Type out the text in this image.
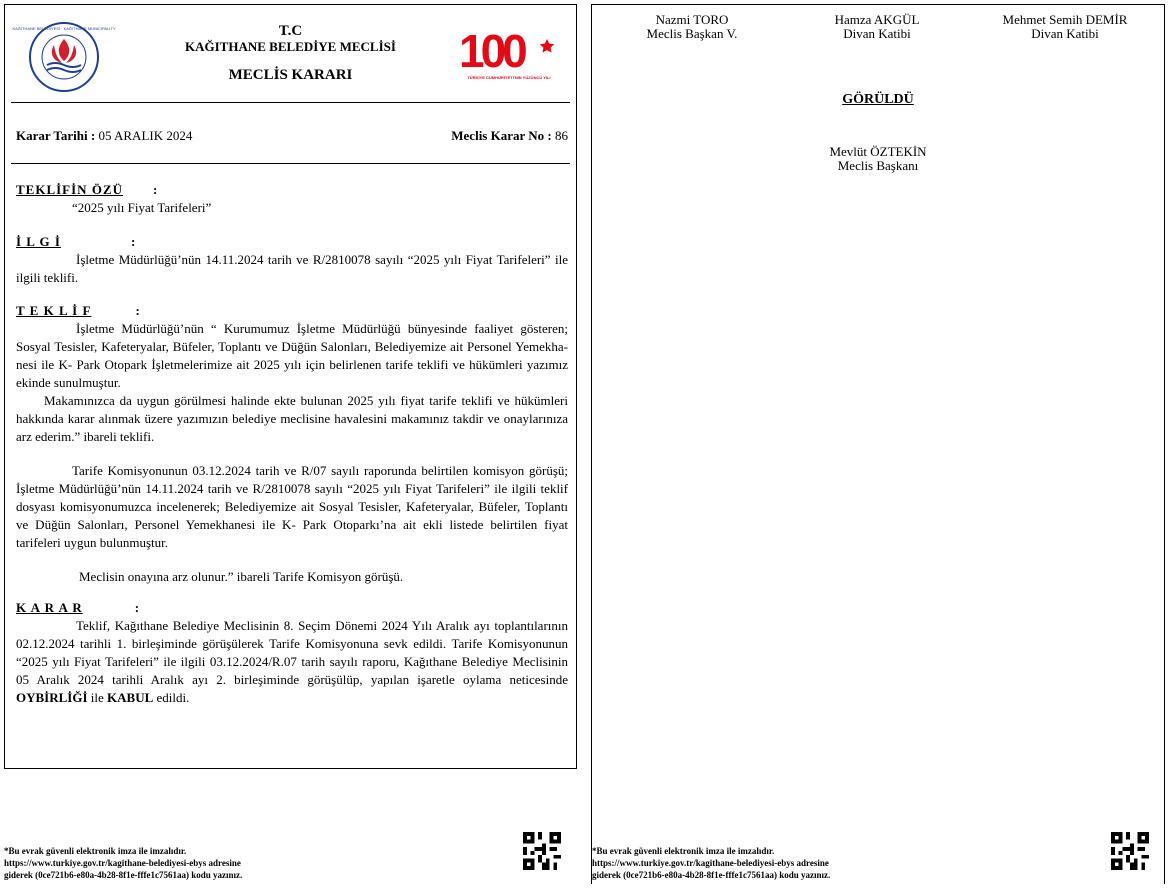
KAĞITHANE BELEDİYESİ · KAĞITHANE MUNICIPALITY	T.C
KAĞITHANE BELEDİYE MECLİSİ
MECLİS KARARI	100
TÜRKİYE CUMHURİYETİ'NİN YÜZÜNCÜ YILI
Karar Tarihi : 05 ARALIK 2024	Meclis Karar No : 86
TEKLİFİN ÖZÜ :
“2025 yılı Fiyat Tarifeleri”
İ L G İ	:
İşletme Müdürlüğü’nün 14.11.2024 tarih ve R/2810078 sayılı “2025 yılı Fiyat Tarifeleri” ile ilgili teklifi.
T E K L İ F	:
İşletme Müdürlüğü’nün “ Kurumumuz İşletme Müdürlüğü bünyesinde faaliyet gösteren; Sosyal Tesisler, Kafeteryalar, Büfeler, Toplantı ve Düğün Salonları, Belediyemize ait Personel Yemekha- nesi ile K- Park Otopark İşletmelerimize ait 2025 yılı için belirlenen tarife teklifi ve hükümleri yazımız ekinde sunulmuştur.
Makamınızca da uygun görülmesi halinde ekte bulunan 2025 yılı fiyat tarife teklifi ve hükümleri hakkında karar alınmak üzere yazımızın belediye meclisine havalesini makamınız takdir ve onaylarınıza arz ederim.” ibareli teklifi.
Tarife Komisyonunun 03.12.2024 tarih ve R/07 sayılı raporunda belirtilen komisyon görüşü; İşletme Müdürlüğü’nün 14.11.2024 tarih ve R/2810078 sayılı “2025 yılı Fiyat Tarifeleri” ile ilgili teklif dosyası komisyonumuzca incelenerek; Belediyemize ait Sosyal Tesisler, Kafeteryalar, Büfeler, Toplantı ve Düğün Salonları, Personel Yemekhanesi ile K- Park Otoparkı’na ait ekli listede belirtilen fiyat tarifeleri uygun bulunmuştur.
Meclisin onayına arz olunur.” ibareli Tarife Komisyon görüşü.
K A R A R	:
Teklif, Kağıthane Belediye Meclisinin 8. Seçim Dönemi 2024 Yılı Aralık ayı toplantılarının 02.12.2024 tarihli 1. birleşiminde görüşülerek Tarife Komisyonuna sevk edildi. Tarife Komisyonunun “2025 yılı Fiyat Tarifeleri” ile ilgili 03.12.2024/R.07 tarih sayılı raporu, Kağıthane Belediye Meclisinin 05 Aralık 2024 tarihli Aralık ayı 2. birleşiminde görüşülüp, yapılan işaretle oylama neticesinde OYBİRLİĞİ ile KABUL edildi.
Nazmi TORO
Meclis Başkan V.
Hamza AKGÜL
Divan Katibi
Mehmet Semih DEMİR
Divan Katibi
GÖRÜLDÜ
Mevlüt ÖZTEKİN
Meclis Başkanı
*Bu evrak güvenli elektronik imza ile imzalıdır.
https://www.turkiye.gov.tr/kagithane-belediyesi-ebys adresine
giderek (0ce721b6-e80a-4b28-8f1e-fffe1c7561aa) kodu yazınız.
*Bu evrak güvenli elektronik imza ile imzalıdır.
https://www.turkiye.gov.tr/kagithane-belediyesi-ebys adresine
giderek (0ce721b6-e80a-4b28-8f1e-fffe1c7561aa) kodu yazınız.
